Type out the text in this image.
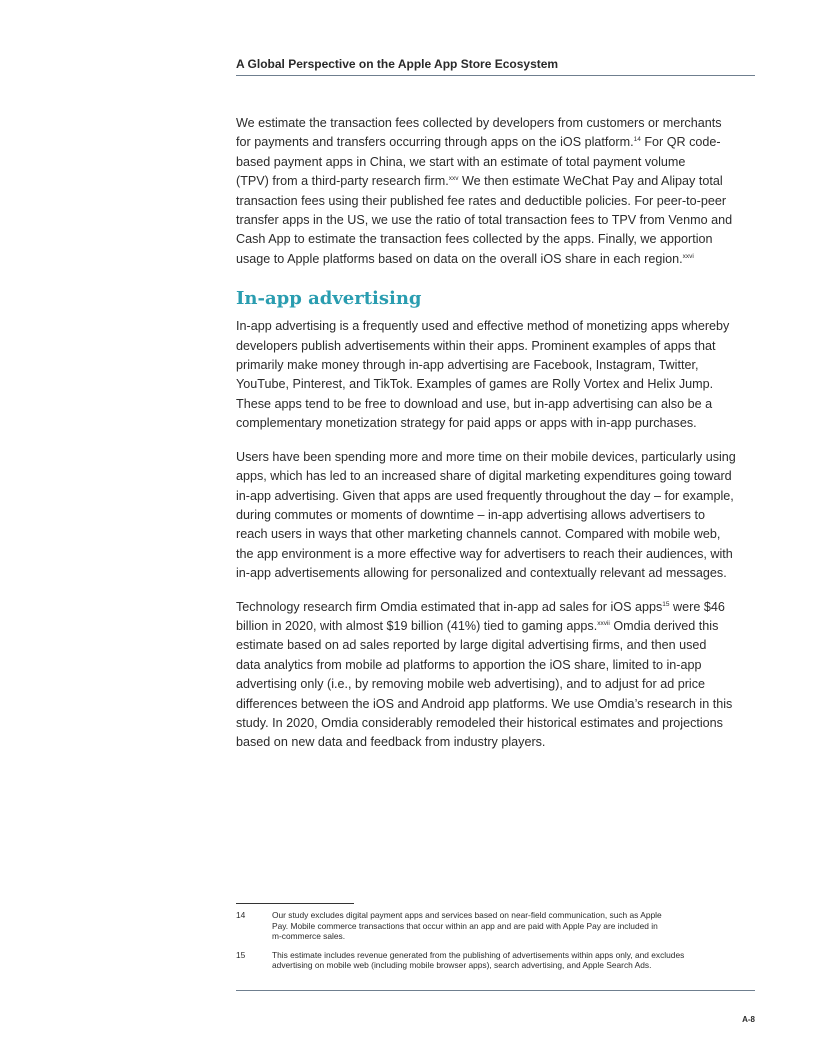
A Global Perspective on the Apple App Store Ecosystem
We estimate the transaction fees collected by developers from customers or merchants
for payments and transfers occurring through apps on the iOS platform.$^{14}$ For QR code-
based payment apps in China, we start with an estimate of total payment volume
(TPV) from a third-party research firm.$^{xxv}$ We then estimate WeChat Pay and Alipay total
transaction fees using their published fee rates and deductible policies. For peer-to-peer
transfer apps in the US, we use the ratio of total transaction fees to TPV from Venmo and
Cash App to estimate the transaction fees collected by the apps. Finally, we apportion
usage to Apple platforms based on data on the overall iOS share in each region.$^{xxvi}$
In-app advertising
In-app advertising is a frequently used and effective method of monetizing apps whereby
developers publish advertisements within their apps. Prominent examples of apps that
primarily make money through in-app advertising are Facebook, Instagram, Twitter,
YouTube, Pinterest, and TikTok. Examples of games are Rolly Vortex and Helix Jump.
These apps tend to be free to download and use, but in-app advertising can also be a
complementary monetization strategy for paid apps or apps with in-app purchases.
Users have been spending more and more time on their mobile devices, particularly using
apps, which has led to an increased share of digital marketing expenditures going toward
in-app advertising. Given that apps are used frequently throughout the day – for example,
during commutes or moments of downtime – in-app advertising allows advertisers to
reach users in ways that other marketing channels cannot. Compared with mobile web,
the app environment is a more effective way for advertisers to reach their audiences, with
in-app advertisements allowing for personalized and contextually relevant ad messages.
Technology research firm Omdia estimated that in-app ad sales for iOS apps$^{15}$ were $46
billion in 2020, with almost $19 billion (41%) tied to gaming apps.$^{xxvii}$ Omdia derived this
estimate based on ad sales reported by large digital advertising firms, and then used
data analytics from mobile ad platforms to apportion the iOS share, limited to in-app
advertising only (i.e., by removing mobile web advertising), and to adjust for ad price
differences between the iOS and Android app platforms. We use Omdia’s research in this
study. In 2020, Omdia considerably remodeled their historical estimates and projections
based on new data and feedback from industry players.
14	Our study excludes digital payment apps and services based on near-field communication, such as Apple
Pay. Mobile commerce transactions that occur within an app and are paid with Apple Pay are included in
m-commerce sales.
15	This estimate includes revenue generated from the publishing of advertisements within apps only, and excludes
advertising on mobile web (including mobile browser apps), search advertising, and Apple Search Ads.
A-8
